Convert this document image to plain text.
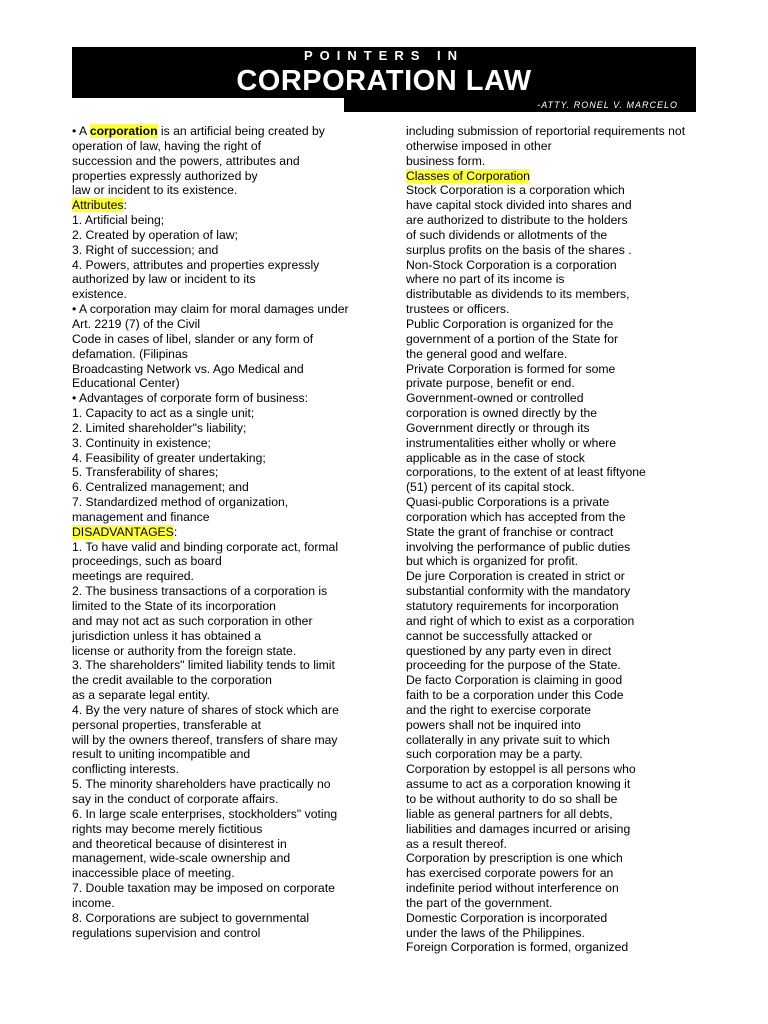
POINTERS IN
CORPORATION LAW
-ATTY. RONEL V. MARCELO
• A corporation is an artificial being created by
operation of law, having the right of
succession and the powers, attributes and
properties expressly authorized by
law or incident to its existence.
Attributes:
1. Artificial being;
2. Created by operation of law;
3. Right of succession; and
4. Powers, attributes and properties expressly
authorized by law or incident to its
existence.
• A corporation may claim for moral damages under
Art. 2219 (7) of the Civil
Code in cases of libel, slander or any form of
defamation. (Filipinas
Broadcasting Network vs. Ago Medical and
Educational Center)
• Advantages of corporate form of business:
1. Capacity to act as a single unit;
2. Limited shareholder"s liability;
3. Continuity in existence;
4. Feasibility of greater undertaking;
5. Transferability of shares;
6. Centralized management; and
7. Standardized method of organization,
management and finance
DISADVANTAGES:
1. To have valid and binding corporate act, formal
proceedings, such as board
meetings are required.
2. The business transactions of a corporation is
limited to the State of its incorporation
and may not act as such corporation in other
jurisdiction unless it has obtained a
license or authority from the foreign state.
3. The shareholders" limited liability tends to limit
the credit available to the corporation
as a separate legal entity.
4. By the very nature of shares of stock which are
personal properties, transferable at
will by the owners thereof, transfers of share may
result to uniting incompatible and
conflicting interests.
5. The minority shareholders have practically no
say in the conduct of corporate affairs.
6. In large scale enterprises, stockholders" voting
rights may become merely fictitious
and theoretical because of disinterest in
management, wide-scale ownership and
inaccessible place of meeting.
7. Double taxation may be imposed on corporate
income.
8. Corporations are subject to governmental
regulations supervision and control
including submission of reportorial requirements not
otherwise imposed in other
business form.
Classes of Corporation
Stock Corporation is a corporation which
have capital stock divided into shares and
are authorized to distribute to the holders
of such dividends or allotments of the
surplus profits on the basis of the shares .
Non-Stock Corporation is a corporation
where no part of its income is
distributable as dividends to its members,
trustees or officers.
Public Corporation is organized for the
government of a portion of the State for
the general good and welfare.
Private Corporation is formed for some
private purpose, benefit or end.
Government-owned or controlled
corporation is owned directly by the
Government directly or through its
instrumentalities either wholly or where
applicable as in the case of stock
corporations, to the extent of at least fiftyone
(51) percent of its capital stock.
Quasi-public Corporations is a private
corporation which has accepted from the
State the grant of franchise or contract
involving the performance of public duties
but which is organized for profit.
De jure Corporation is created in strict or
substantial conformity with the mandatory
statutory requirements for incorporation
and right of which to exist as a corporation
cannot be successfully attacked or
questioned by any party even in direct
proceeding for the purpose of the State.
De facto Corporation is claiming in good
faith to be a corporation under this Code
and the right to exercise corporate
powers shall not be inquired into
collaterally in any private suit to which
such corporation may be a party.
Corporation by estoppel is all persons who
assume to act as a corporation knowing it
to be without authority to do so shall be
liable as general partners for all debts,
liabilities and damages incurred or arising
as a result thereof.
Corporation by prescription is one which
has exercised corporate powers for an
indefinite period without interference on
the part of the government.
Domestic Corporation is incorporated
under the laws of the Philippines.
Foreign Corporation is formed, organized
